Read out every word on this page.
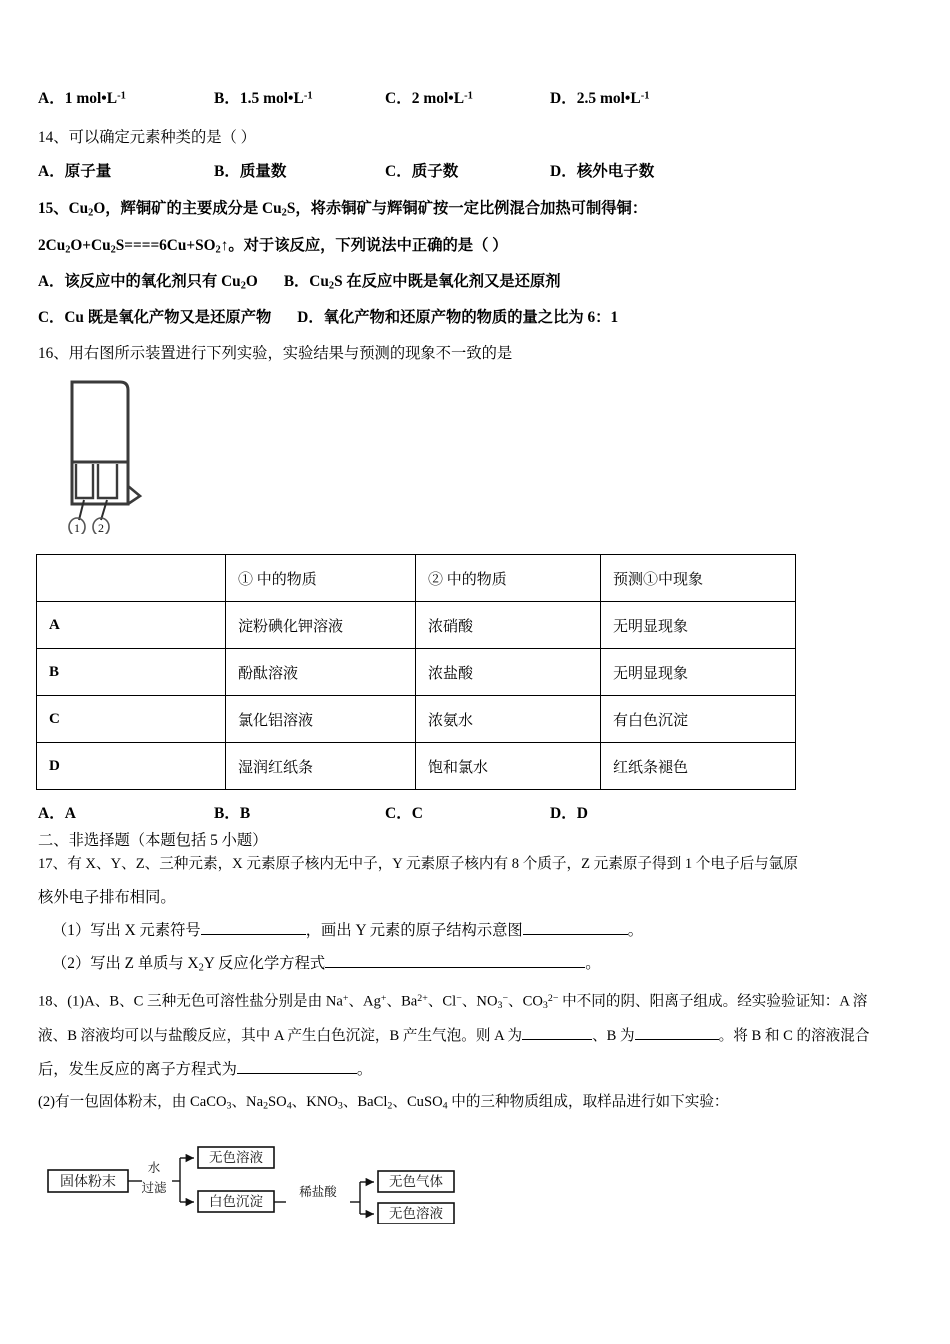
A．1 $mol•L^{-1}$	B．1.5 $mol•L^{-1}$	C．2 $mol•L^{-1}$	D．2.5 $mol•L^{-1}$
14、可以确定元素种类的是（ ）
A．原子量	B．质量数	C．质子数	D．核外电子数
15、$Cu_2O$，辉铜矿的主要成分是 $Cu_2S$，将赤铜矿与辉铜矿按一定比例混合加热可制得铜：
$2Cu_2O+Cu_2S====6Cu+SO_2↑$。对于该反应，下列说法中正确的是（ ）
A．该反应中的氧化剂只有 $Cu_2O$ B．$Cu_2S$ 在反应中既是氧化剂又是还原剂
C．Cu 既是氧化产物又是还原产物 D．氧化产物和还原产物的物质的量之比为 6：1
16、用右图所示装置进行下列实验，实验结果与预测的现象不一致的是
1 2
	① 中的物质	② 中的物质	预测①中现象
A	淀粉碘化钾溶液	浓硝酸	无明显现象
B	酚酞溶液	浓盐酸	无明显现象
C	氯化铝溶液	浓氨水	有白色沉淀
D	湿润红纸条	饱和氯水	红纸条褪色
A．A	B．B	C．C	D．D
二、非选择题（本题包括 5 小题）
17、有 X、Y、Z、三种元素，X 元素原子核内无中子，Y 元素原子核内有 8 个质子，Z 元素原子得到 1 个电子后与氩原
核外电子排布相同。
（1）写出 X 元素符号	，画出 Y 元素的原子结构示意图	。
（2）写出 Z 单质与 $X_2Y$ 反应化学方程式	。
18、(1)A、B、C 三种无色可溶性盐分别是由 Na+、Ag+、$Ba^{2+}$、Cl−、$NO_3^-$、$CO_3^{2-}$ 中不同的阴、阳离子组成。经实验验证知：A 溶
液、B 溶液均可以与盐酸反应，其中 A 产生白色沉淀，B 产生气泡。则 A 为	、B 为	。将 B 和 C 的溶液混合
后，发生反应的离子方程式为	。
(2)有一包固体粉末，由 CaCO$_3$、$Na_2SO_4$、$KNO_3$、BaCl$_2$、CuSO$_4$ 中的三种物质组成，取样品进行如下实验：
固体粉末
水
过滤
无色溶液
白色沉淀
稀盐酸
无色气体
无色溶液
